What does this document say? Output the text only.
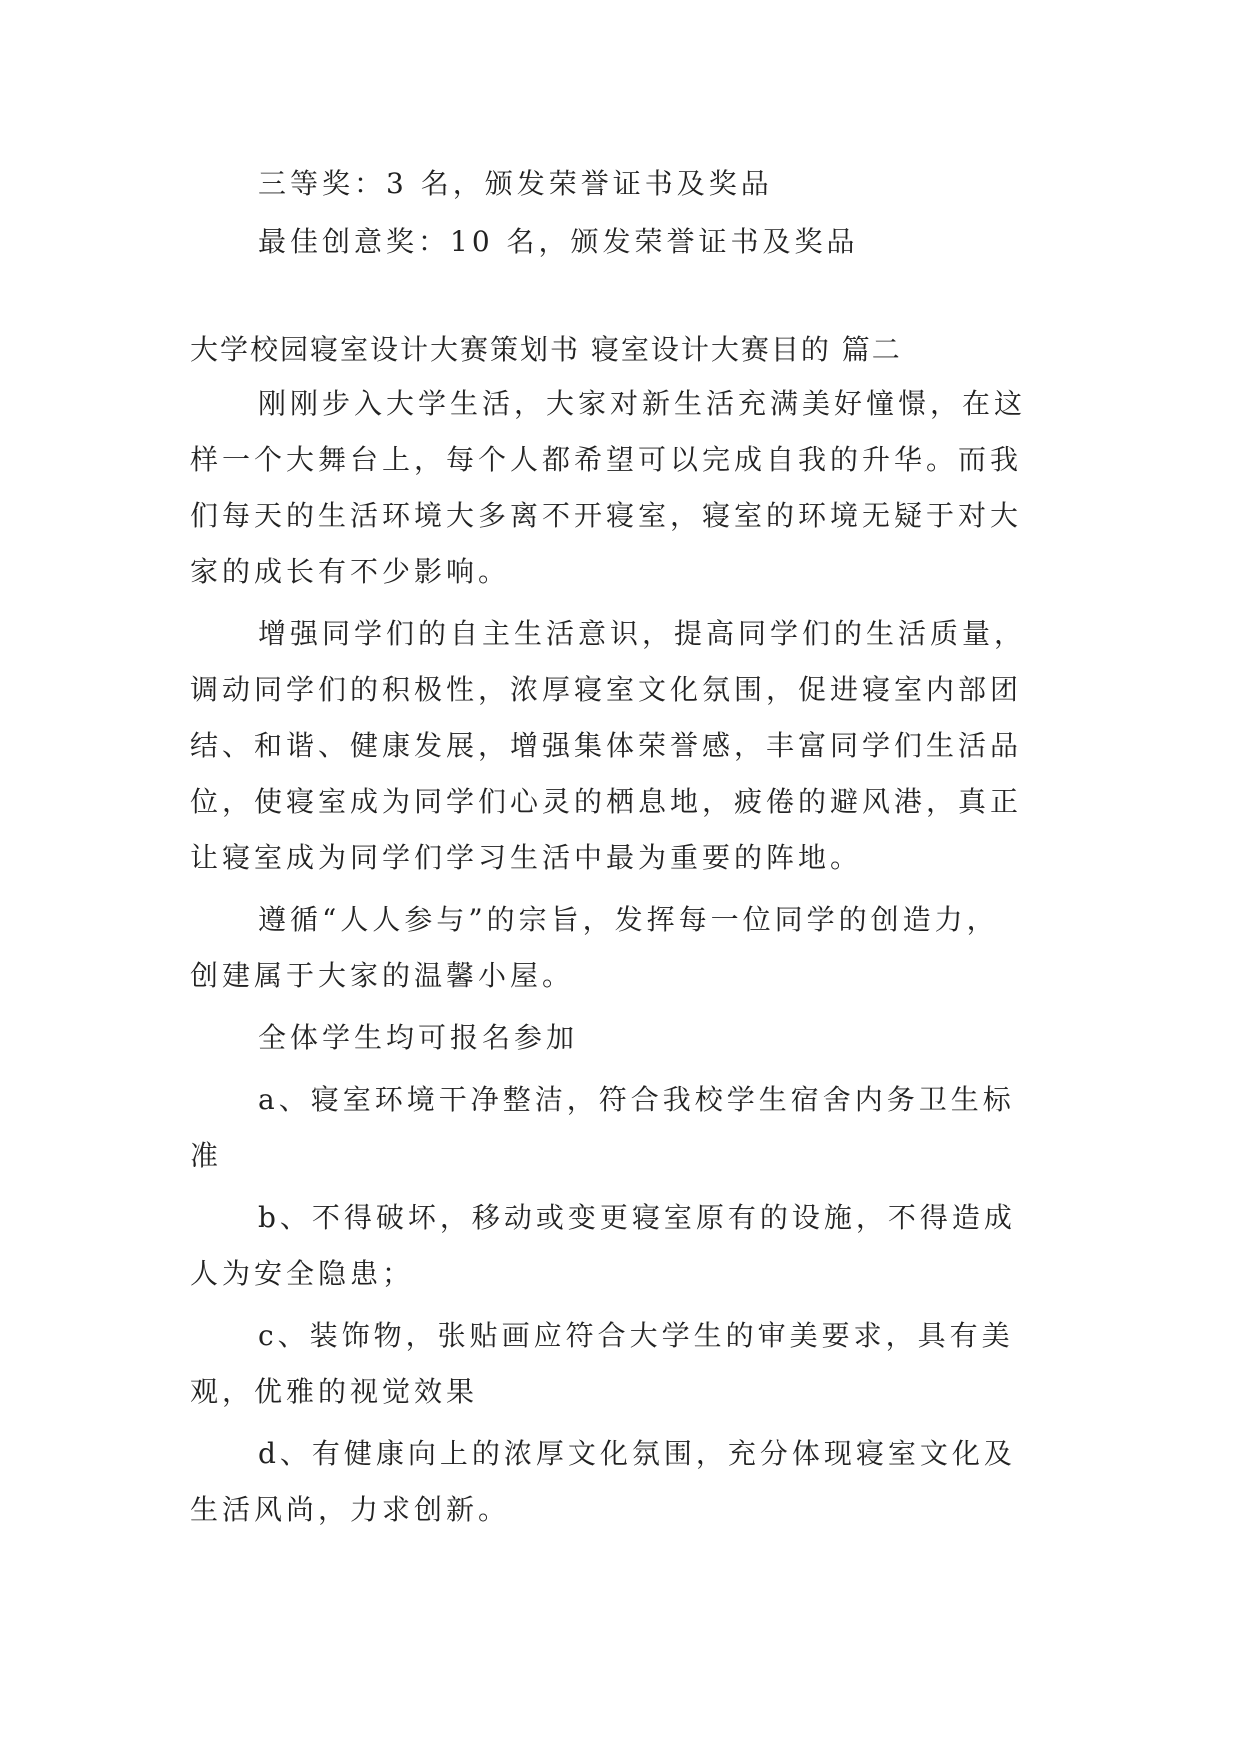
三等奖：3 名，颁发荣誉证书及奖品

最佳创意奖：10 名，颁发荣誉证书及奖品

大学校园寝室设计大赛策划书 寝室设计大赛目的 篇二

刚刚步入大学生活，大家对新生活充满美好憧憬，在这

样一个大舞台上，每个人都希望可以完成自我的升华。而我

们每天的生活环境大多离不开寝室，寝室的环境无疑于对大

家的成长有不少影响。

增强同学们的自主生活意识，提高同学们的生活质量，

调动同学们的积极性，浓厚寝室文化氛围，促进寝室内部团

结、和谐、健康发展，增强集体荣誉感，丰富同学们生活品

位，使寝室成为同学们心灵的栖息地，疲倦的避风港，真正

让寝室成为同学们学习生活中最为重要的阵地。

遵循“人人参与”的宗旨，发挥每一位同学的创造力，

创建属于大家的温馨小屋。

全体学生均可报名参加

a、寝室环境干净整洁，符合我校学生宿舍内务卫生标

准

b、不得破坏，移动或变更寝室原有的设施，不得造成

人为安全隐患；

c、装饰物，张贴画应符合大学生的审美要求，具有美

观，优雅的视觉效果

d、有健康向上的浓厚文化氛围，充分体现寝室文化及

生活风尚，力求创新。
